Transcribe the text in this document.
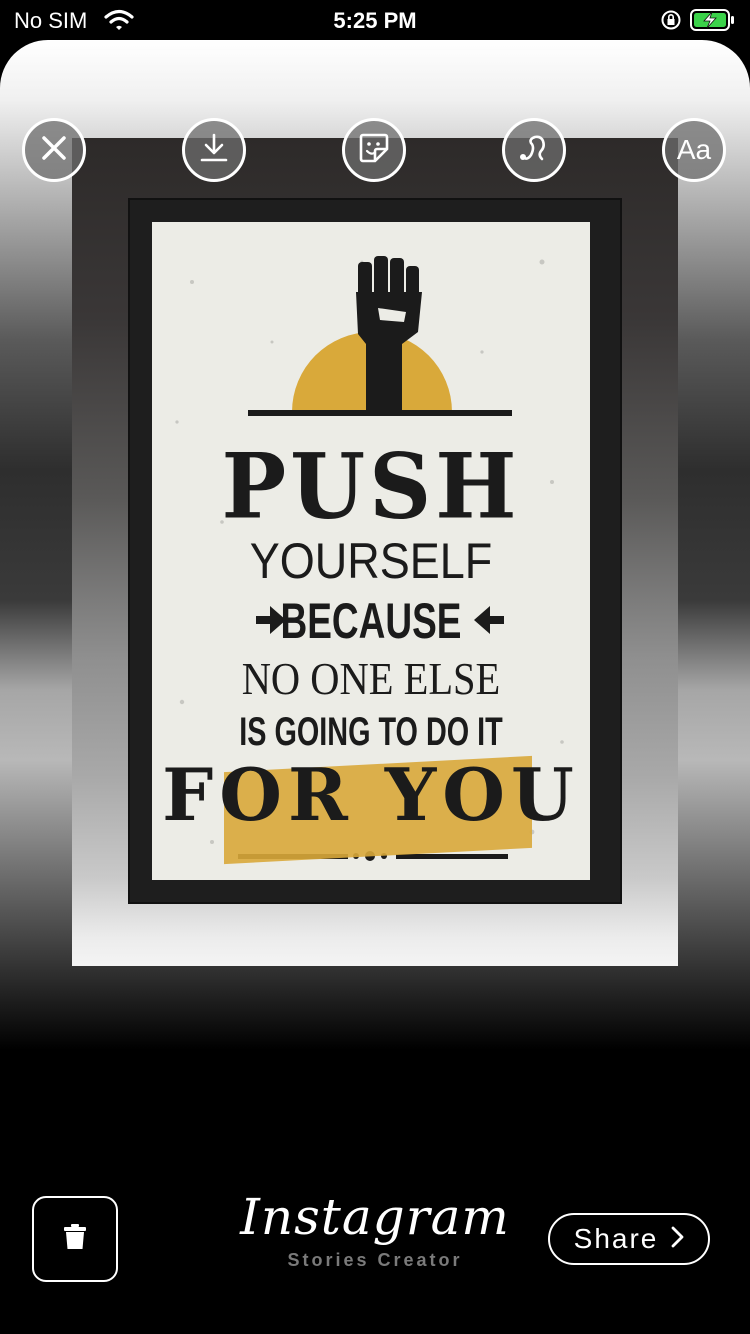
No SIM	5:25 PM
PUSH
YOURSELF
BECAUSE
NO ONE ELSE
IS GOING TO DO IT
FOR YOU
Aa
Instagram
Stories Creator
Share
